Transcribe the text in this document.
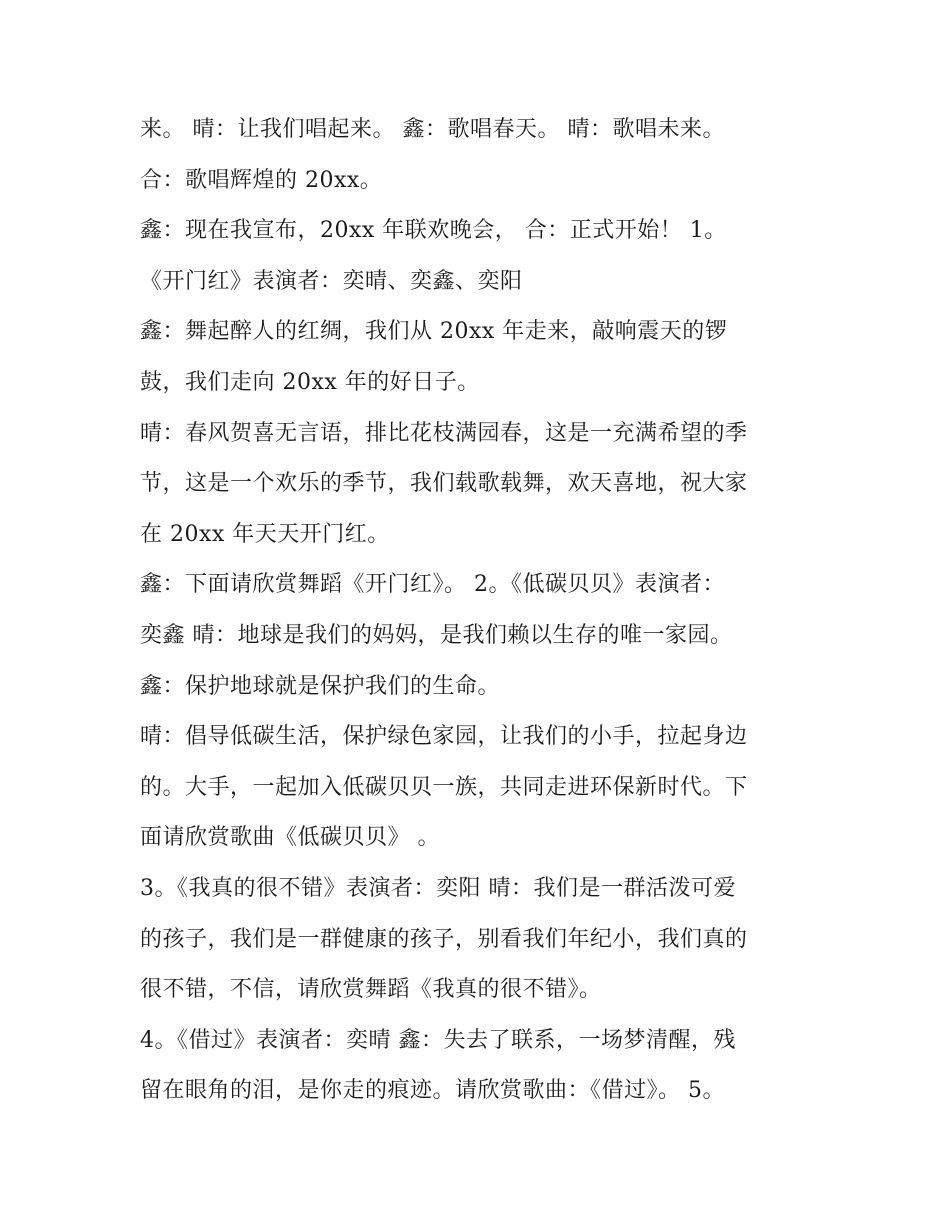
来。 晴：让我们唱起来。 鑫：歌唱春天。 晴：歌唱未来。
合：歌唱辉煌的 20xx。
鑫：现在我宣布，20xx 年联欢晚会， 合：正式开始！ 1。
《开门红》表演者：奕晴、奕鑫、奕阳
鑫：舞起醉人的红绸，我们从 20xx 年走来，敲响震天的锣
鼓，我们走向 20xx 年的好日子。
晴：春风贺喜无言语，排比花枝满园春，这是一充满希望的季
节，这是一个欢乐的季节，我们载歌载舞，欢天喜地，祝大家
在 20xx 年天天开门红。
鑫：下面请欣赏舞蹈《开门红》。 2。《低碳贝贝》表演者：
奕鑫 晴：地球是我们的妈妈，是我们赖以生存的唯一家园。
鑫：保护地球就是保护我们的生命。
晴：倡导低碳生活，保护绿色家园，让我们的小手，拉起身边
的。大手，一起加入低碳贝贝一族，共同走进环保新时代。下
面请欣赏歌曲《低碳贝贝》 。
3。《我真的很不错》表演者：奕阳 晴：我们是一群活泼可爱
的孩子，我们是一群健康的孩子，别看我们年纪小，我们真的
很不错，不信，请欣赏舞蹈《我真的很不错》。
4。《借过》表演者：奕晴 鑫：失去了联系，一场梦清醒，残
留在眼角的泪，是你走的痕迹。请欣赏歌曲：《借过》。 5。
